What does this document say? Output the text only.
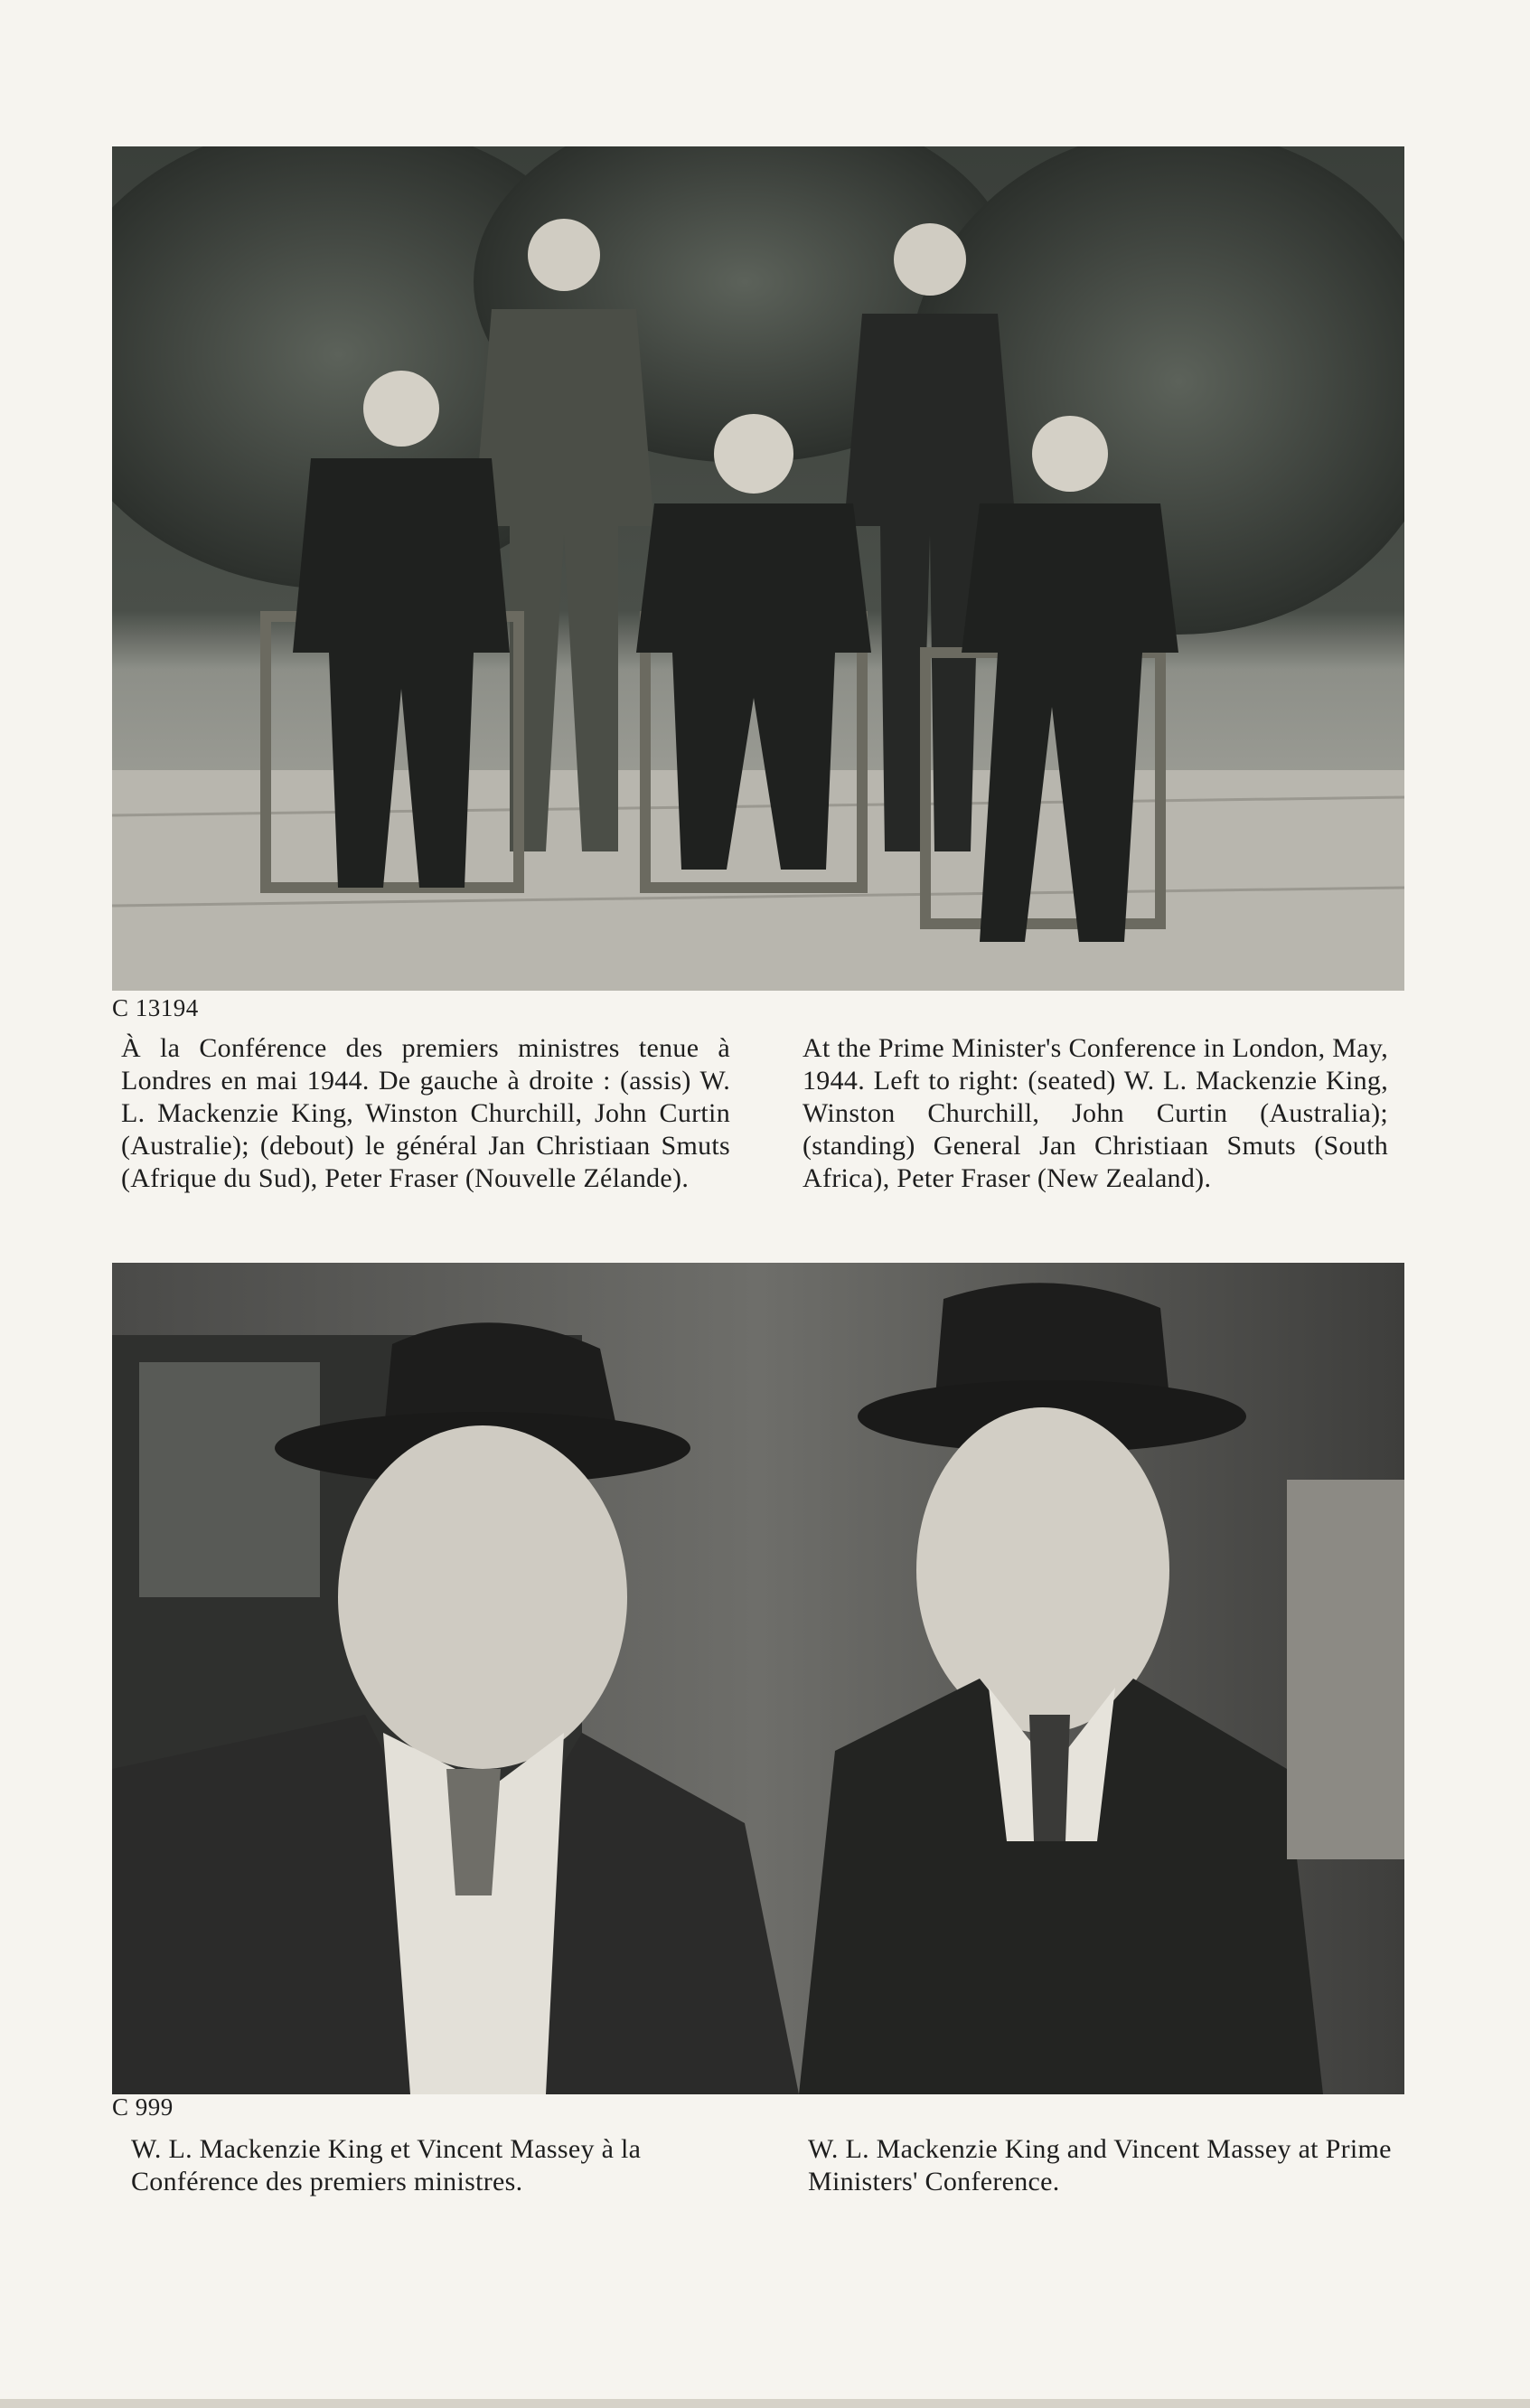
C 13194
À la Conférence des premiers ministres tenue à Londres en mai 1944. De gauche à droite : (assis) W. L. Mackenzie King, Winston Churchill, John Curtin (Australie); (debout) le général Jan Christiaan Smuts (Afrique du Sud), Peter Fraser (Nouvelle Zélande).
At the Prime Minister's Conference in London, May, 1944. Left to right: (seated) W. L. Mackenzie King, Winston Churchill, John Curtin (Australia); (standing) General Jan Christiaan Smuts (South Africa), Peter Fraser (New Zealand).
C 999
W. L. Mackenzie King et Vincent Massey à la Conférence des premiers ministres.
W. L. Mackenzie King and Vincent Massey at Prime Ministers' Conference.
